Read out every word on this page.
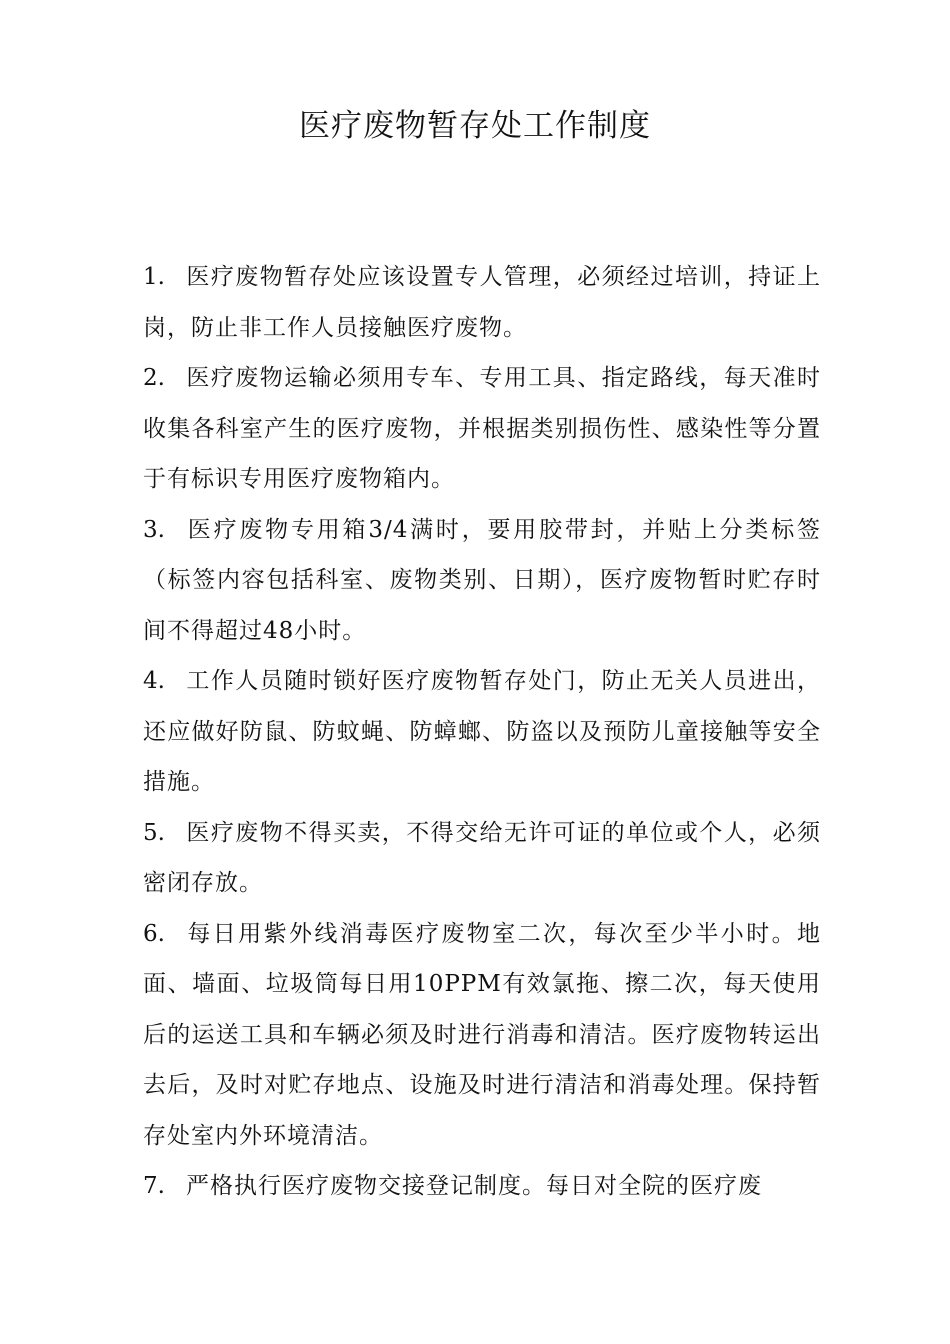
医疗废物暂存处工作制度

1. 医疗废物暂存处应该设置专人管理，必须经过培训，持证上岗，防止非工作人员接触医疗废物。

2. 医疗废物运输必须用专车、专用工具、指定路线，每天准时收集各科室产生的医疗废物，并根据类别损伤性、感染性等分置于有标识专用医疗废物箱内。

3. 医疗废物专用箱3/4满时，要用胶带封，并贴上分类标签（标签内容包括科室、废物类别、日期），医疗废物暂时贮存时间不得超过48小时。

4. 工作人员随时锁好医疗废物暂存处门，防止无关人员进出，还应做好防鼠、防蚊蝇、防蟑螂、防盗以及预防儿童接触等安全措施。

5. 医疗废物不得买卖，不得交给无许可证的单位或个人，必须密闭存放。

6. 每日用紫外线消毒医疗废物室二次，每次至少半小时。地面、墙面、垃圾筒每日用10PPM有效氯拖、擦二次，每天使用后的运送工具和车辆必须及时进行消毒和清洁。医疗废物转运出去后，及时对贮存地点、设施及时进行清洁和消毒处理。保持暂存处室内外环境清洁。

7. 严格执行医疗废物交接登记制度。每日对全院的医疗废
